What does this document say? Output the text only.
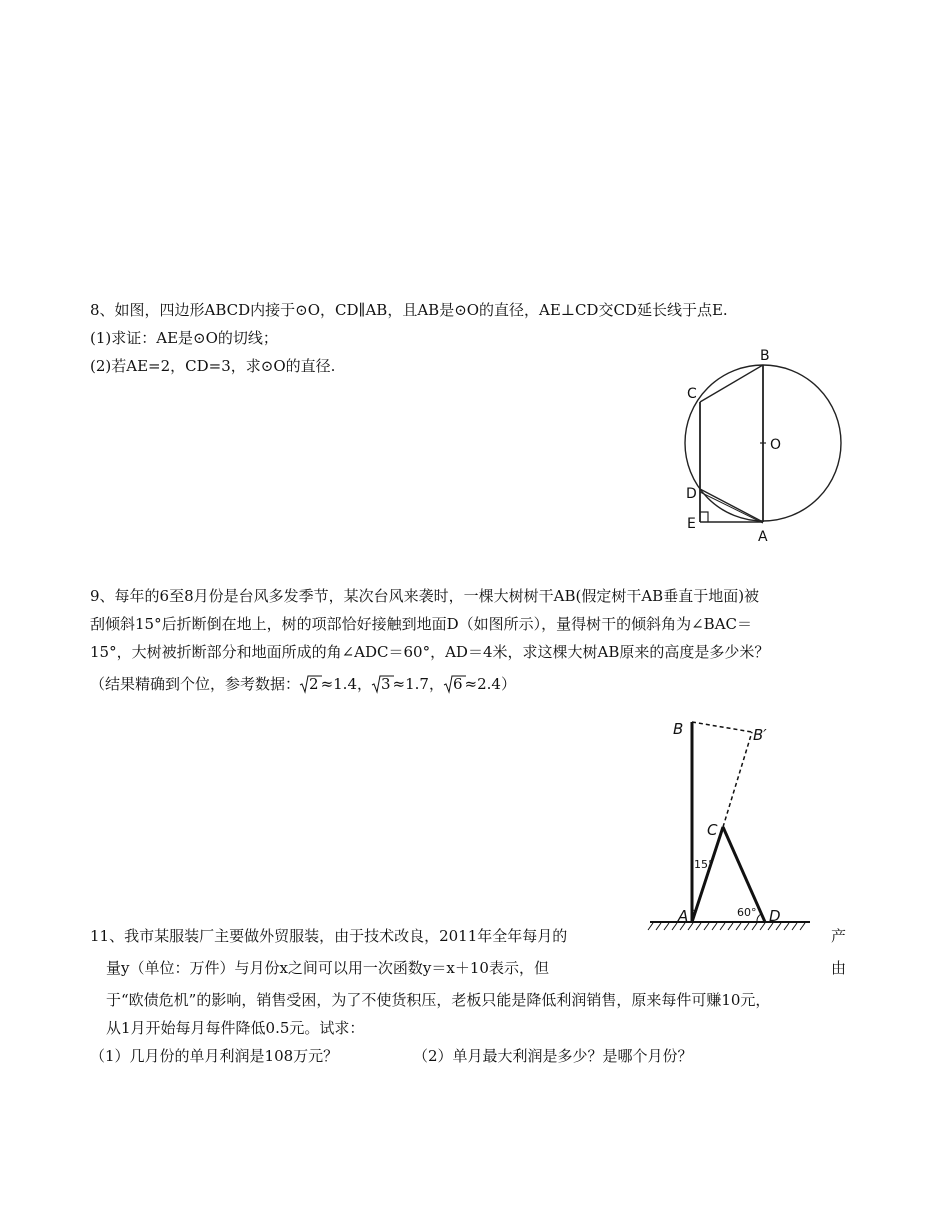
8、如图，四边形ABCD内接于⊙O，CD∥AB，且AB是⊙O的直径，AE⊥CD交CD延长线于点E.
(1)求证：AE是⊙O的切线；
(2)若AE=2，CD=3，求⊙O的直径.
B
C
O
D
E
A
9、每年的6至8月份是台风多发季节，某次台风来袭时，一棵大树树干AB(假定树干AB垂直于地面)被
刮倾斜15°后折断倒在地上，树的项部恰好接触到地面D（如图所示），量得树干的倾斜角为∠BAC＝
15°，大树被折断部分和地面所成的角∠ADC＝60°，AD＝4米，求这棵大树AB原来的高度是多少米？
（结果精确到个位，参考数据： 2 ≈1.4， 3 ≈1.7， 6 ≈2.4）
B	B′
C
15°
60°
A	D
11、我市某服装厂主要做外贸服装，由于技术改良，2011年全年每月的	产
量y（单位：万件）与月份x之间可以用一次函数y＝x＋10表示，但	由
于“欧债危机”的影响，销售受困，为了不使货积压，老板只能是降低利润销售，原来每件可赚10元，
从1月开始每月每件降低0.5元。试求：
（1）几月份的单月利润是108万元？	（2）单月最大利润是多少？是哪个月份？
